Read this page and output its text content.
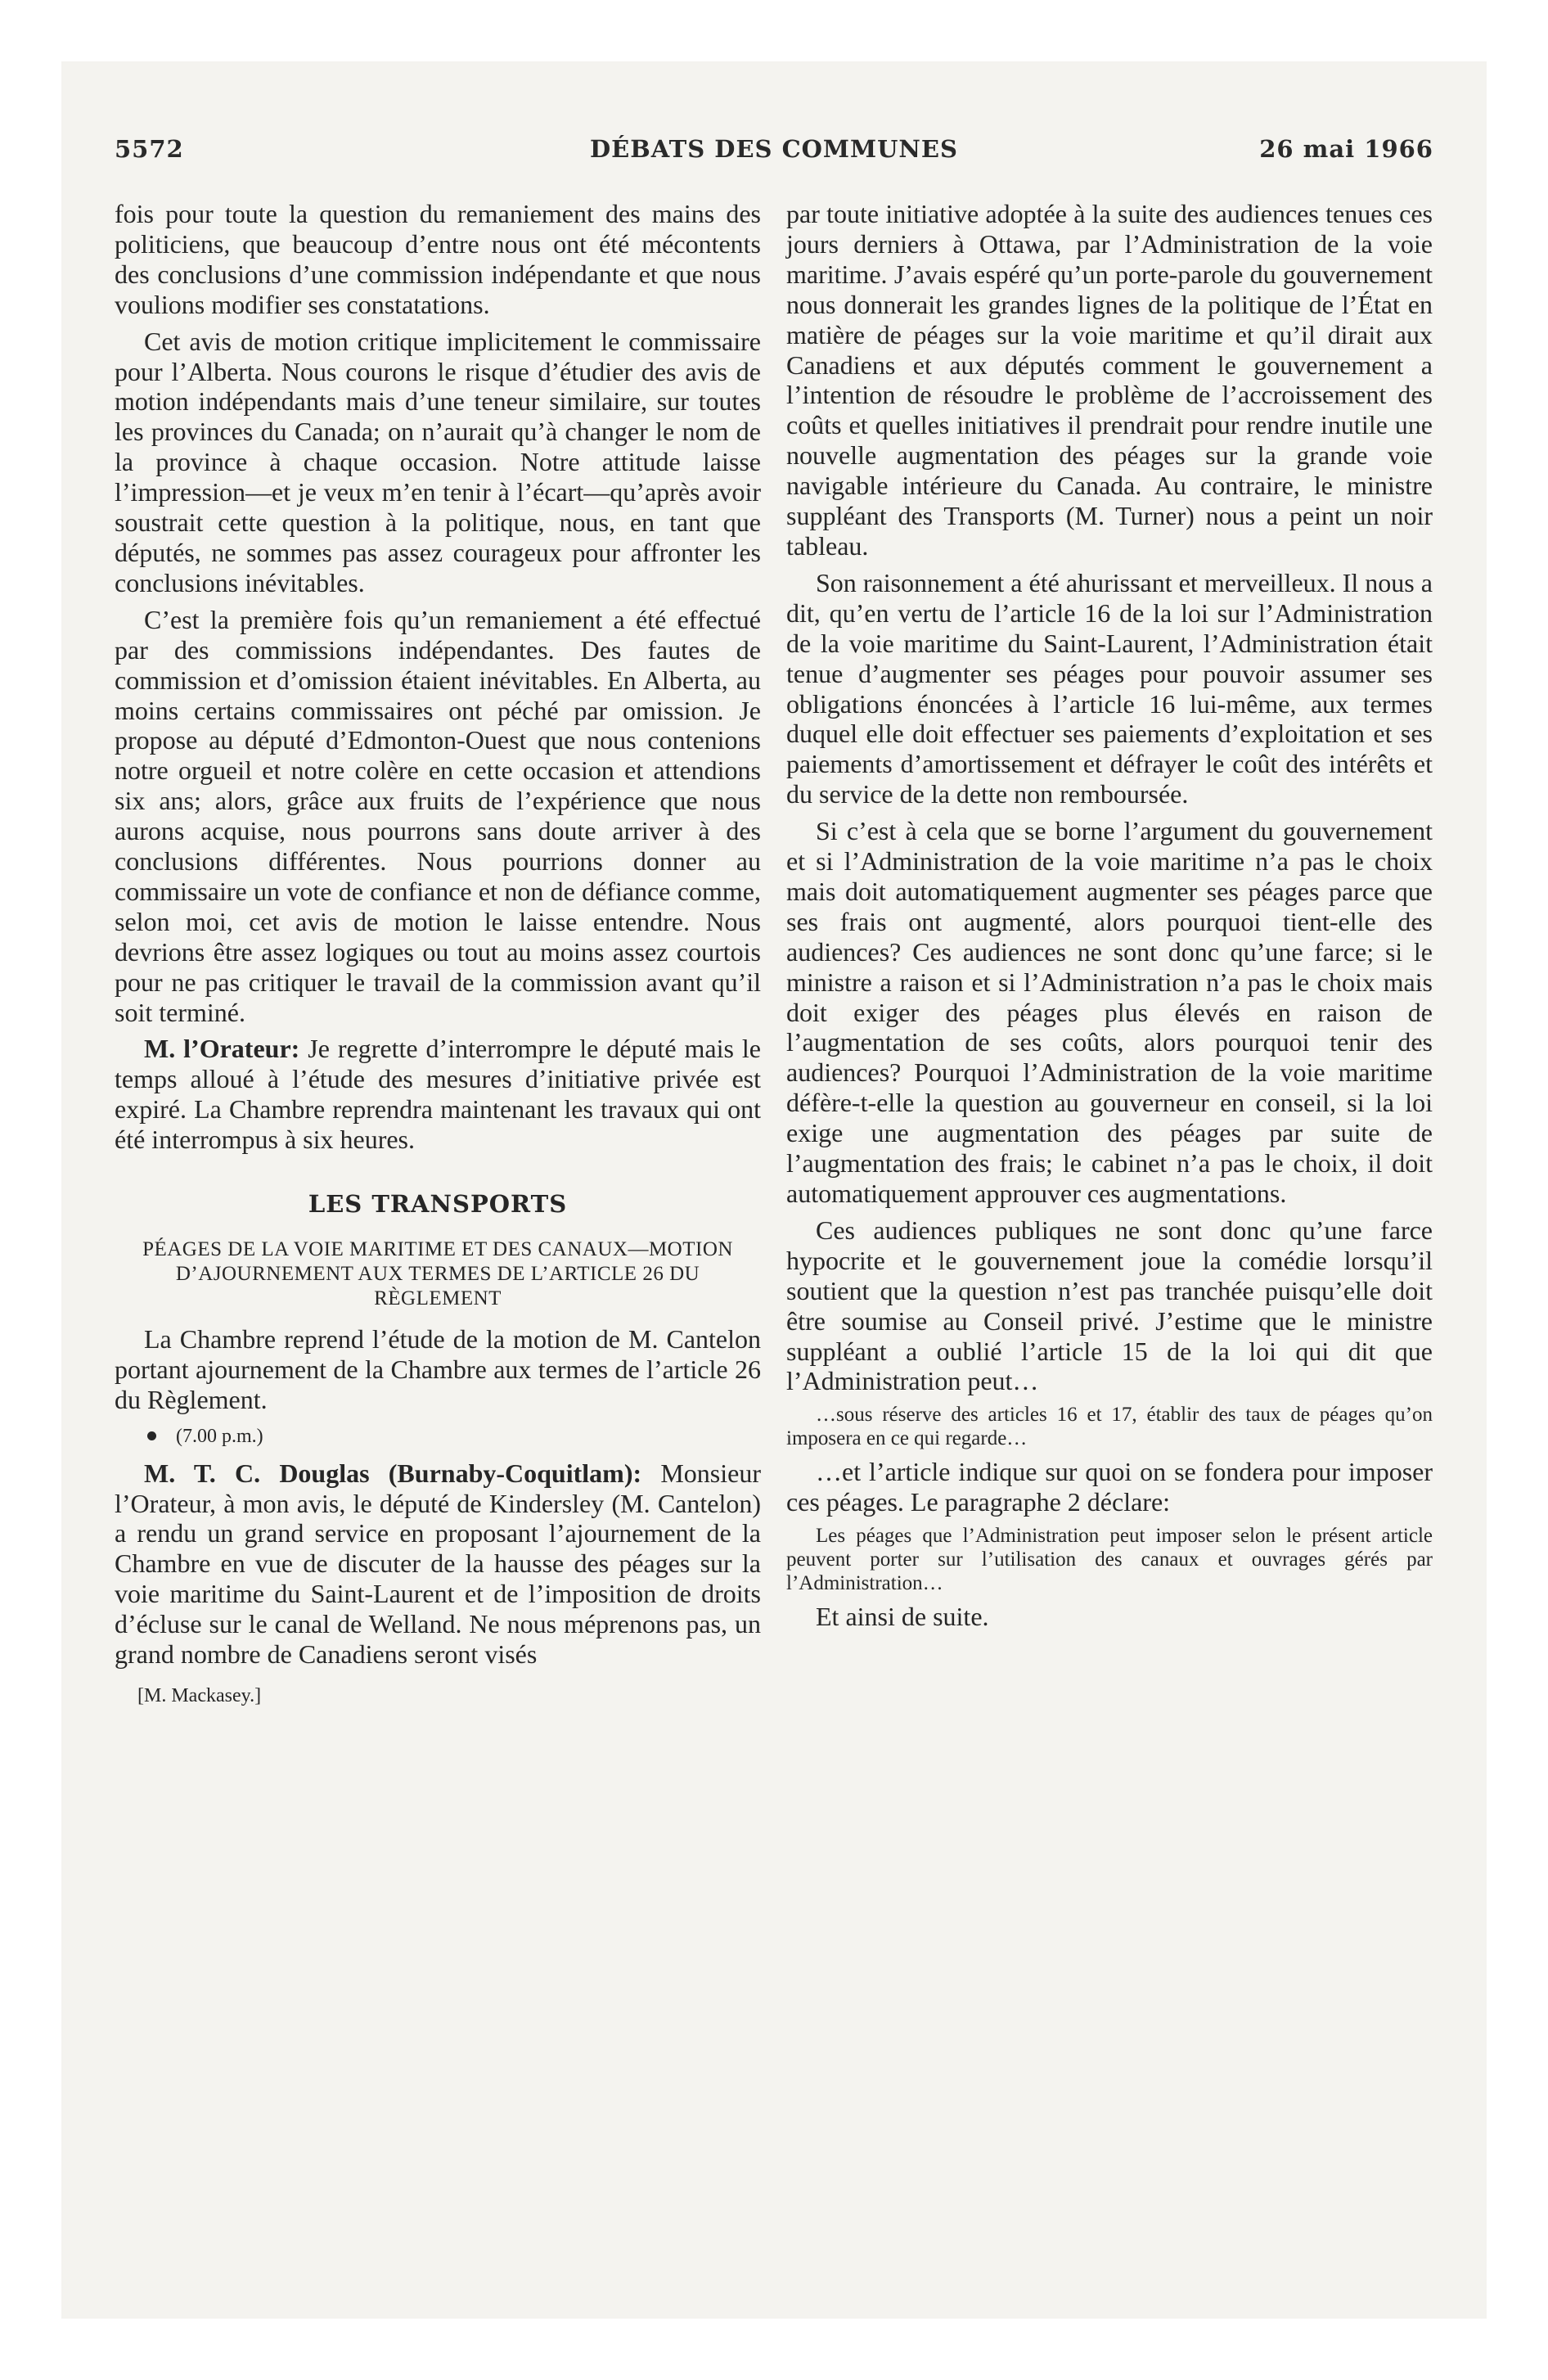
5572	DÉBATS DES COMMUNES	26 mai 1966

fois pour toute la question du remaniement des mains des politiciens, que beaucoup d’entre nous ont été mécontents des conclusions d’une commission indépendante et que nous voulions modifier ses constatations.

Cet avis de motion critique implicitement le commissaire pour l’Alberta. Nous courons le risque d’étudier des avis de motion indépendants mais d’une teneur similaire, sur toutes les provinces du Canada; on n’aurait qu’à changer le nom de la province à chaque occasion. Notre attitude laisse l’impression—et je veux m’en tenir à l’écart—qu’après avoir soustrait cette question à la politique, nous, en tant que députés, ne sommes pas assez courageux pour affronter les conclusions inévitables.

C’est la première fois qu’un remaniement a été effectué par des commissions indépendantes. Des fautes de commission et d’omission étaient inévitables. En Alberta, au moins certains commissaires ont péché par omission. Je propose au député d’Edmonton-Ouest que nous contenions notre orgueil et notre colère en cette occasion et attendions six ans; alors, grâce aux fruits de l’expérience que nous aurons acquise, nous pourrons sans doute arriver à des conclusions différentes. Nous pourrions donner au commissaire un vote de confiance et non de défiance comme, selon moi, cet avis de motion le laisse entendre. Nous devrions être assez logiques ou tout au moins assez courtois pour ne pas critiquer le travail de la commission avant qu’il soit terminé.

M. l’Orateur: Je regrette d’interrompre le député mais le temps alloué à l’étude des mesures d’initiative privée est expiré. La Chambre reprendra maintenant les travaux qui ont été interrompus à six heures.

LES TRANSPORTS
PÉAGES DE LA VOIE MARITIME ET DES CANAUX—MOTION D’AJOURNEMENT AUX TERMES DE L’ARTICLE 26 DU RÈGLEMENT

La Chambre reprend l’étude de la motion de M. Cantelon portant ajournement de la Chambre aux termes de l’article 26 du Règlement.

(7.00 p.m.)

M. T. C. Douglas (Burnaby-Coquitlam): Monsieur l’Orateur, à mon avis, le député de Kindersley (M. Cantelon) a rendu un grand service en proposant l’ajournement de la Chambre en vue de discuter de la hausse des péages sur la voie maritime du Saint-Laurent et de l’imposition de droits d’écluse sur le canal de Welland. Ne nous méprenons pas, un grand nombre de Canadiens seront visés

[M. Mackasey.]

par toute initiative adoptée à la suite des audiences tenues ces jours derniers à Ottawa, par l’Administration de la voie maritime. J’avais espéré qu’un porte-parole du gouvernement nous donnerait les grandes lignes de la politique de l’État en matière de péages sur la voie maritime et qu’il dirait aux Canadiens et aux députés comment le gouvernement a l’intention de résoudre le problème de l’accroissement des coûts et quelles initiatives il prendrait pour rendre inutile une nouvelle augmentation des péages sur la grande voie navigable intérieure du Canada. Au contraire, le ministre suppléant des Transports (M. Turner) nous a peint un noir tableau.

Son raisonnement a été ahurissant et merveilleux. Il nous a dit, qu’en vertu de l’article 16 de la loi sur l’Administration de la voie maritime du Saint-Laurent, l’Administration était tenue d’augmenter ses péages pour pouvoir assumer ses obligations énoncées à l’article 16 lui-même, aux termes duquel elle doit effectuer ses paiements d’exploitation et ses paiements d’amortissement et défrayer le coût des intérêts et du service de la dette non remboursée.

Si c’est à cela que se borne l’argument du gouvernement et si l’Administration de la voie maritime n’a pas le choix mais doit automatiquement augmenter ses péages parce que ses frais ont augmenté, alors pourquoi tient-elle des audiences? Ces audiences ne sont donc qu’une farce; si le ministre a raison et si l’Administration n’a pas le choix mais doit exiger des péages plus élevés en raison de l’augmentation de ses coûts, alors pourquoi tenir des audiences? Pourquoi l’Administration de la voie maritime défère-t-elle la question au gouverneur en conseil, si la loi exige une augmentation des péages par suite de l’augmentation des frais; le cabinet n’a pas le choix, il doit automatiquement approuver ces augmentations.

Ces audiences publiques ne sont donc qu’une farce hypocrite et le gouvernement joue la comédie lorsqu’il soutient que la question n’est pas tranchée puisqu’elle doit être soumise au Conseil privé. J’estime que le ministre suppléant a oublié l’article 15 de la loi qui dit que l’Administration peut…

…sous réserve des articles 16 et 17, établir des taux de péages qu’on imposera en ce qui regarde…

…et l’article indique sur quoi on se fondera pour imposer ces péages. Le paragraphe 2 déclare:

Les péages que l’Administration peut imposer selon le présent article peuvent porter sur l’utilisation des canaux et ouvrages gérés par l’Administration…

Et ainsi de suite.
